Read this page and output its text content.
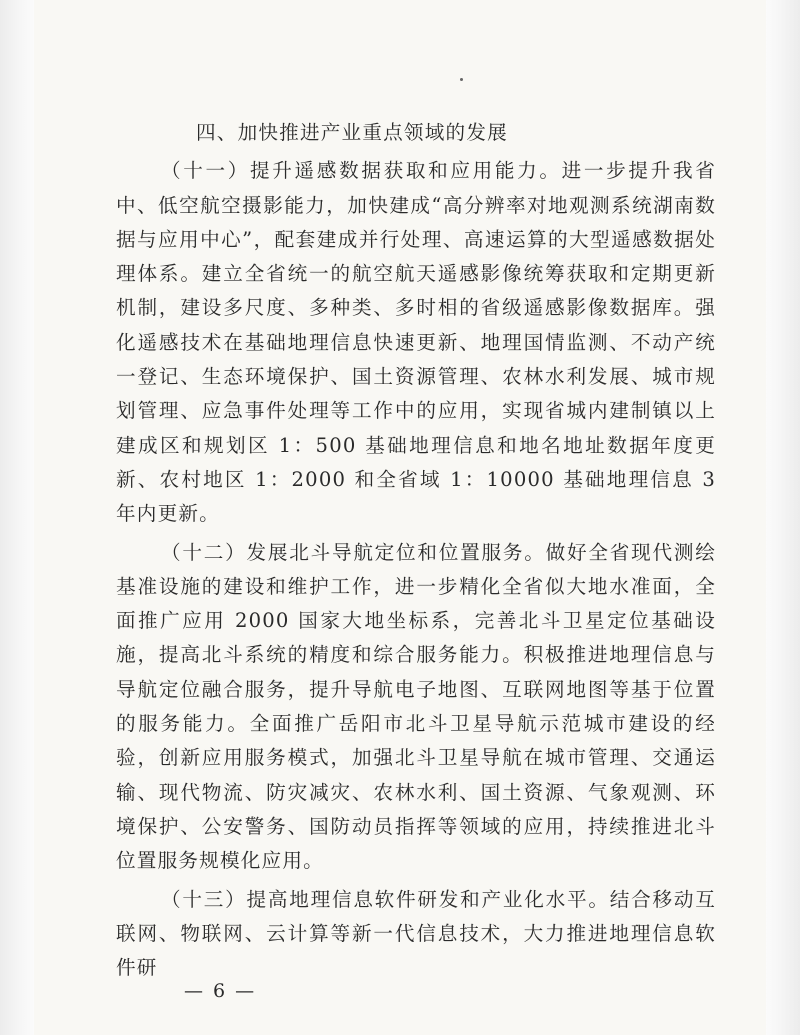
四、加快推进产业重点领域的发展

（十一）提升遥感数据获取和应用能力。进一步提升我省中、低空航空摄影能力，加快建成“高分辨率对地观测系统湖南数据与应用中心”，配套建成并行处理、高速运算的大型遥感数据处理体系。建立全省统一的航空航天遥感影像统筹获取和定期更新机制，建设多尺度、多种类、多时相的省级遥感影像数据库。强化遥感技术在基础地理信息快速更新、地理国情监测、不动产统一登记、生态环境保护、国土资源管理、农林水利发展、城市规划管理、应急事件处理等工作中的应用，实现省城内建制镇以上建成区和规划区 1：500 基础地理信息和地名地址数据年度更新、农村地区 1：2000 和全省域 1：10000 基础地理信息 3 年内更新。

（十二）发展北斗导航定位和位置服务。做好全省现代测绘基准设施的建设和维护工作，进一步精化全省似大地水准面，全面推广应用 2000 国家大地坐标系，完善北斗卫星定位基础设施，提高北斗系统的精度和综合服务能力。积极推进地理信息与导航定位融合服务，提升导航电子地图、互联网地图等基于位置的服务能力。全面推广岳阳市北斗卫星导航示范城市建设的经验，创新应用服务模式，加强北斗卫星导航在城市管理、交通运输、现代物流、防灾减灾、农林水利、国土资源、气象观测、环境保护、公安警务、国防动员指挥等领域的应用，持续推进北斗位置服务规模化应用。

（十三）提高地理信息软件研发和产业化水平。结合移动互联网、物联网、云计算等新一代信息技术，大力推进地理信息软件研

— 6 —
